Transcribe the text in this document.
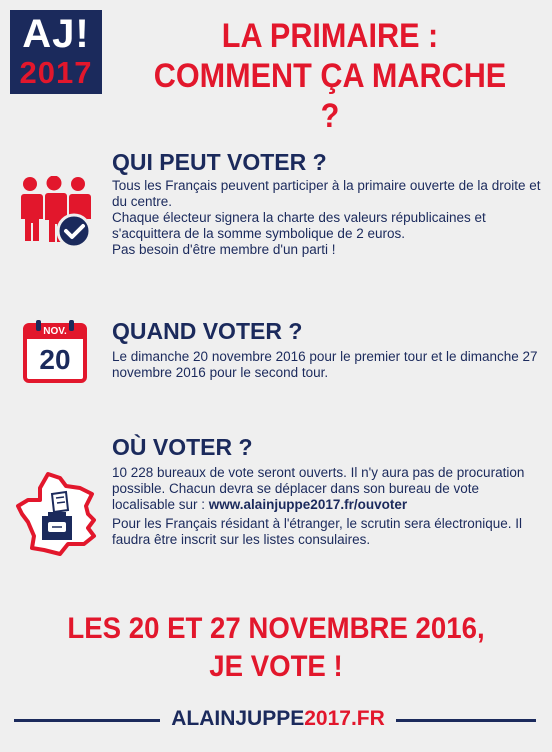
AJ!
2017
LA PRIMAIRE :
COMMENT ÇA MARCHE ?
QUI PEUT VOTER ?

Tous les Français peuvent participer à la primaire ouverte de la droite et du centre.

Chaque électeur signera la charte des valeurs républicaines et s'acquittera de la somme symbolique de 2 euros.

Pas besoin d'être membre d'un parti !

NOV.
20
QUAND VOTER ?

Le dimanche 20 novembre 2016 pour le premier tour et le dimanche 27 novembre 2016 pour le second tour.

OÙ VOTER ?

10 228 bureaux de vote seront ouverts. Il n'y aura pas de procuration possible. Chacun devra se déplacer dans son bureau de vote localisable sur : www.alainjuppe2017.fr/ouvoter

Pour les Français résidant à l'étranger, le scrutin sera électronique. Il faudra être inscrit sur les listes consulaires.

LES 20 ET 27 NOVEMBRE 2016,
JE VOTE !
ALAINJUPPE2017.FR
